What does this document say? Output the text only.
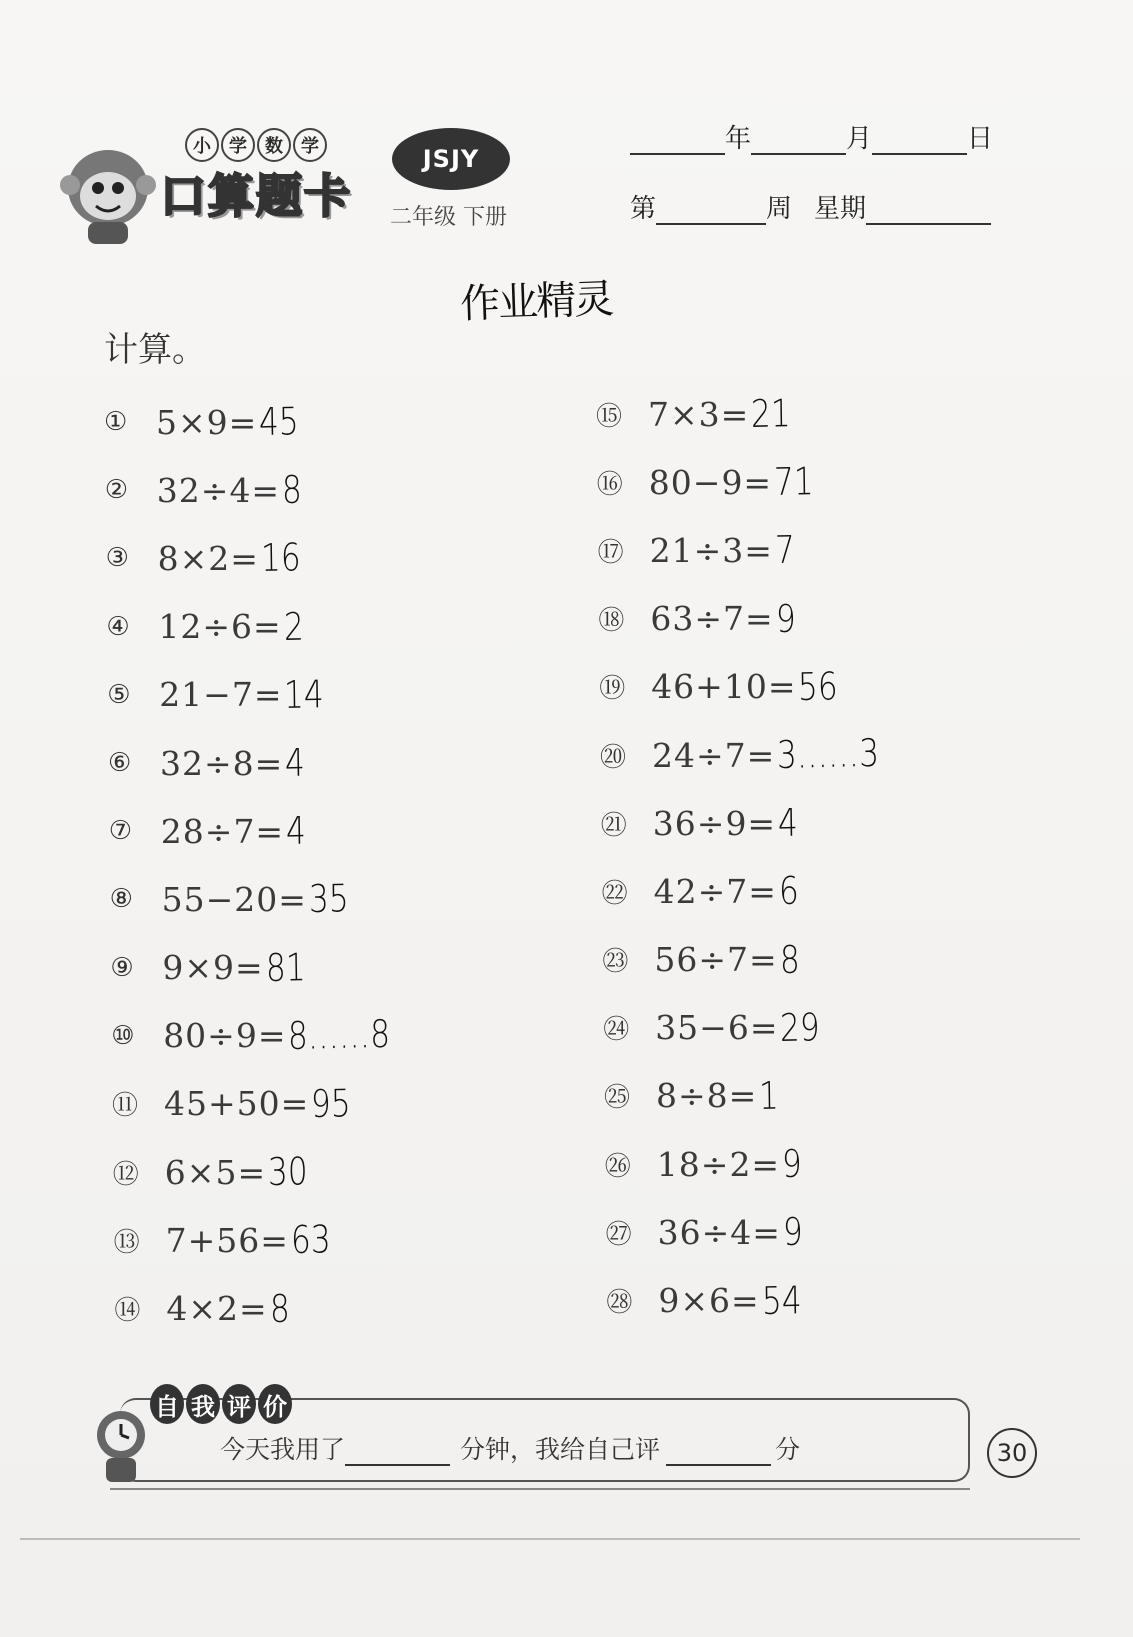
小	学	数	学
口算题卡
JSJY
二年级 下册
年	月	日
第	周 星期
作业精灵
计算。
① 5×9= 45
② 32÷4= 8
③ 8×2= 16
④ 12÷6= 2
⑤ 21−7= 14
⑥ 32÷8= 4
⑦ 28÷7= 4
⑧ 55−20= 35
⑨ 9×9= 81
⑩ 80÷9= 8……8
⑪ 45+50= 95
⑫ 6×5= 30
⑬ 7+56= 63
⑭ 4×2= 8
⑮ 7×3= 21
⑯ 80−9= 71
⑰ 21÷3= 7
⑱ 63÷7= 9
⑲ 46+10= 56
⑳ 24÷7= 3……3
㉑ 36÷9= 4
㉒ 42÷7= 6
㉓ 56÷7= 8
㉔ 35−6= 29
㉕ 8÷8= 1
㉖ 18÷2= 9
㉗ 36÷4= 9
㉘ 9×6= 54
自 我 评 价
今天我用了	分钟，我给自己评	分	30
